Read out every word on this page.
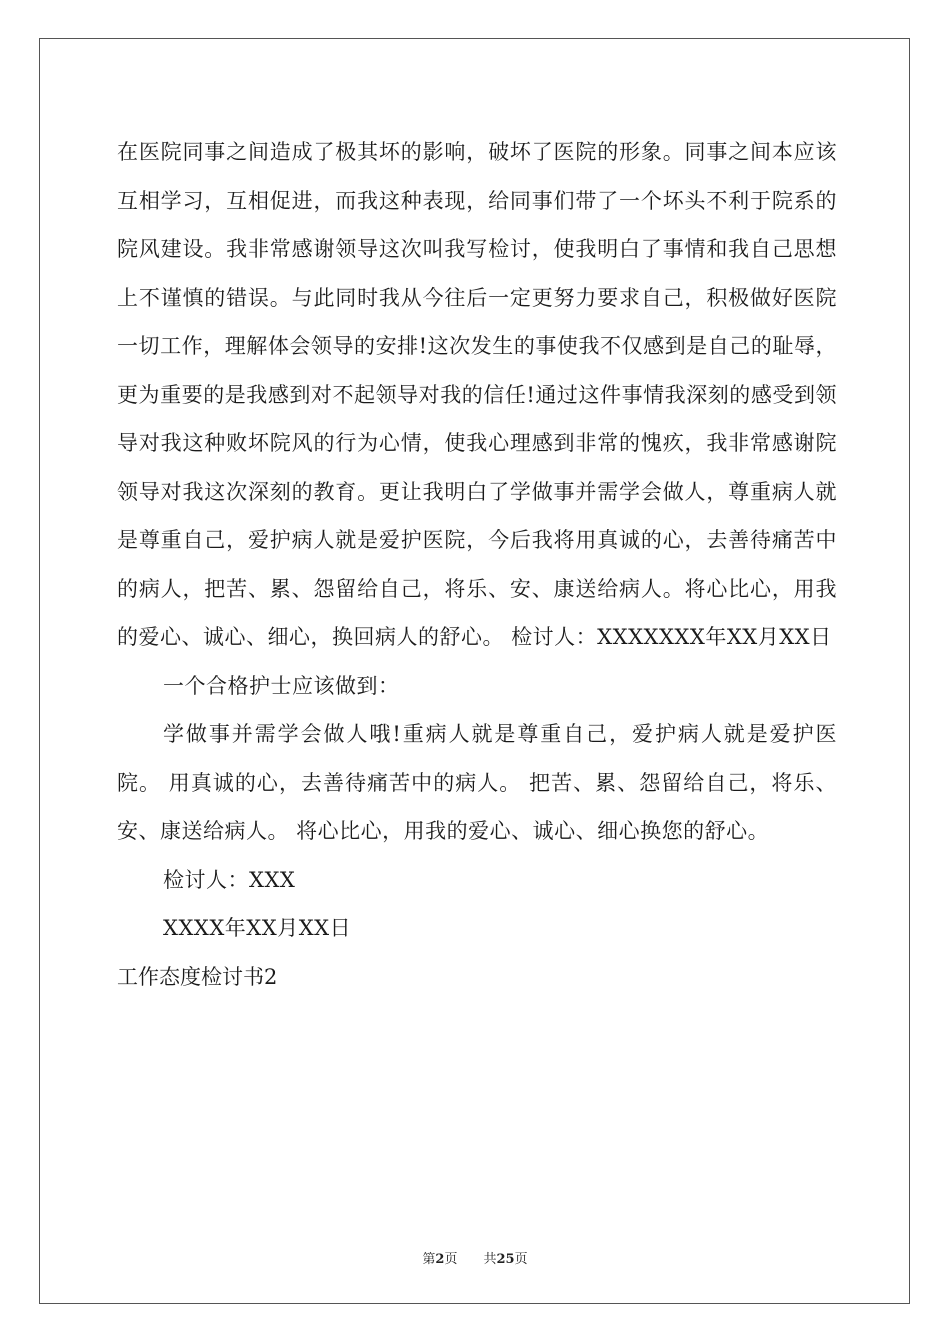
在医院同事之间造成了极其坏的影响，破坏了医院的形象。同事之间本应该互相学习，互相促进，而我这种表现，给同事们带了一个坏头不利于院系的院风建设。我非常感谢领导这次叫我写检讨，使我明白了事情和我自己思想上不谨慎的错误。与此同时我从今往后一定更努力要求自己，积极做好医院一切工作，理解体会领导的安排!这次发生的事使我不仅感到是自己的耻辱，更为重要的是我感到对不起领导对我的信任!通过这件事情我深刻的感受到领导对我这种败坏院风的行为心情，使我心理感到非常的愧疚，我非常感谢院领导对我这次深刻的教育。更让我明白了学做事并需学会做人，尊重病人就是尊重自己，爱护病人就是爱护医院，今后我将用真诚的心，去善待痛苦中的病人，把苦、累、怨留给自己，将乐、安、康送给病人。将心比心，用我的爱心、诚心、细心，换回病人的舒心。 检讨人：XXXXXXX年XX月XX日

一个合格护士应该做到：

学做事并需学会做人哦!重病人就是尊重自己，爱护病人就是爱护医院。 用真诚的心，去善待痛苦中的病人。 把苦、累、怨留给自己，将乐、安、康送给病人。 将心比心，用我的爱心、诚心、细心换您的舒心。

检讨人：XXX

XXXX年XX月XX日

工作态度检讨书2

第2页 共25页
